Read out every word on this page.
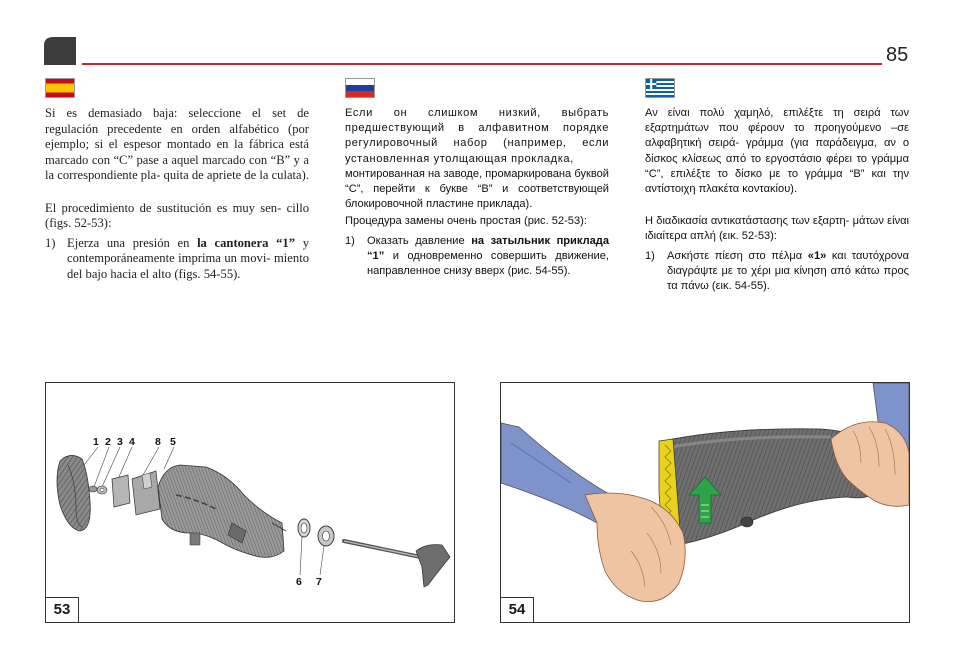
85

Si es demasiado baja: seleccione el set de regulación precedente en orden alfabético (por ejemplo; si el espesor montado en la fábrica está marcado con “C” pase a aquel marcado con “B” y a la correspondiente pla- quita de apriete de la culata).

El procedimiento de sustitución es muy sen- cillo (figs. 52-53):

1) Ejerza una presión en la cantonera “1” y contemporáneamente imprima un movi- miento del bajo hacia el alto (figs. 54-55).

Если он слишком низкий, выбрать предшествующий в алфавитном порядке регулировочный набор (например, если установленная утолщающая прокладка,

монтированная на заводе, промаркирована буквой “C”, перейти к букве “B” и соответствующей блокировочной пластине приклада).

Процедура замены очень простая (рис. 52-53):

1)	Оказать давление на затыльник приклада “1” и одновременно совершить движение, направленное снизу вверх (рис. 54-55).

Αν είναι πολύ χαμηλό, επιλέξτε τη σειρά των εξαρτημάτων που φέρουν το προηγούμενο –σε αλφαβητική σειρά- γράμμα (για παράδειγμα, αν ο δίσκος κλίσεως από το εργοστάσιο φέρει το γράμμα “C”, επιλέξτε το δίσκο με το γράμμα “B” και την αντίστοιχη πλακέτα κοντακίου).

Η διαδικασία αντικατάστασης των εξαρτη- μάτων είναι ιδιαίτερα απλή (εικ. 52-53):

1)	Ασκήστε πίεση στο πέλμα «1» και ταυτόχρονα διαγράψτε με το χέρι μια κίνηση από κάτω προς τα πάνω (εικ. 54-55).
1 2 3 4 8 5
6 7
53	54
